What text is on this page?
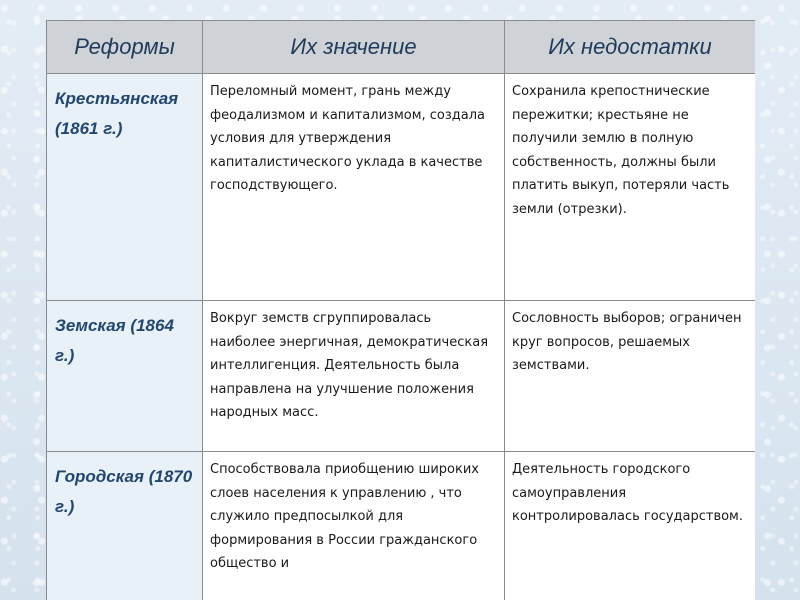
Реформы	Их значение	Их недостатки

Крестьянская (1861 г.)	Переломный момент, грань между феодализмом и капитализмом, создала условия для утверждения капиталистического уклада в качестве господствующего.	Сохранила крепостнические пережитки; крестьяне не получили землю в полную собственность, должны были платить выкуп, потеряли часть земли (отрезки).

Земская (1864 г.)	Вокруг земств сгруппировалась наиболее энергичная, демократическая интеллигенция. Деятельность была направлена на улучшение положения народных масс.	Сословность выборов; ограничен круг вопросов, решаемых земствами.

Городская (1870 г.)	Способствовала приобщению широких слоев населения к управлению , что служило предпосылкой для формирования в России гражданского общество и	Деятельность городского самоуправления контролировалась государством.
